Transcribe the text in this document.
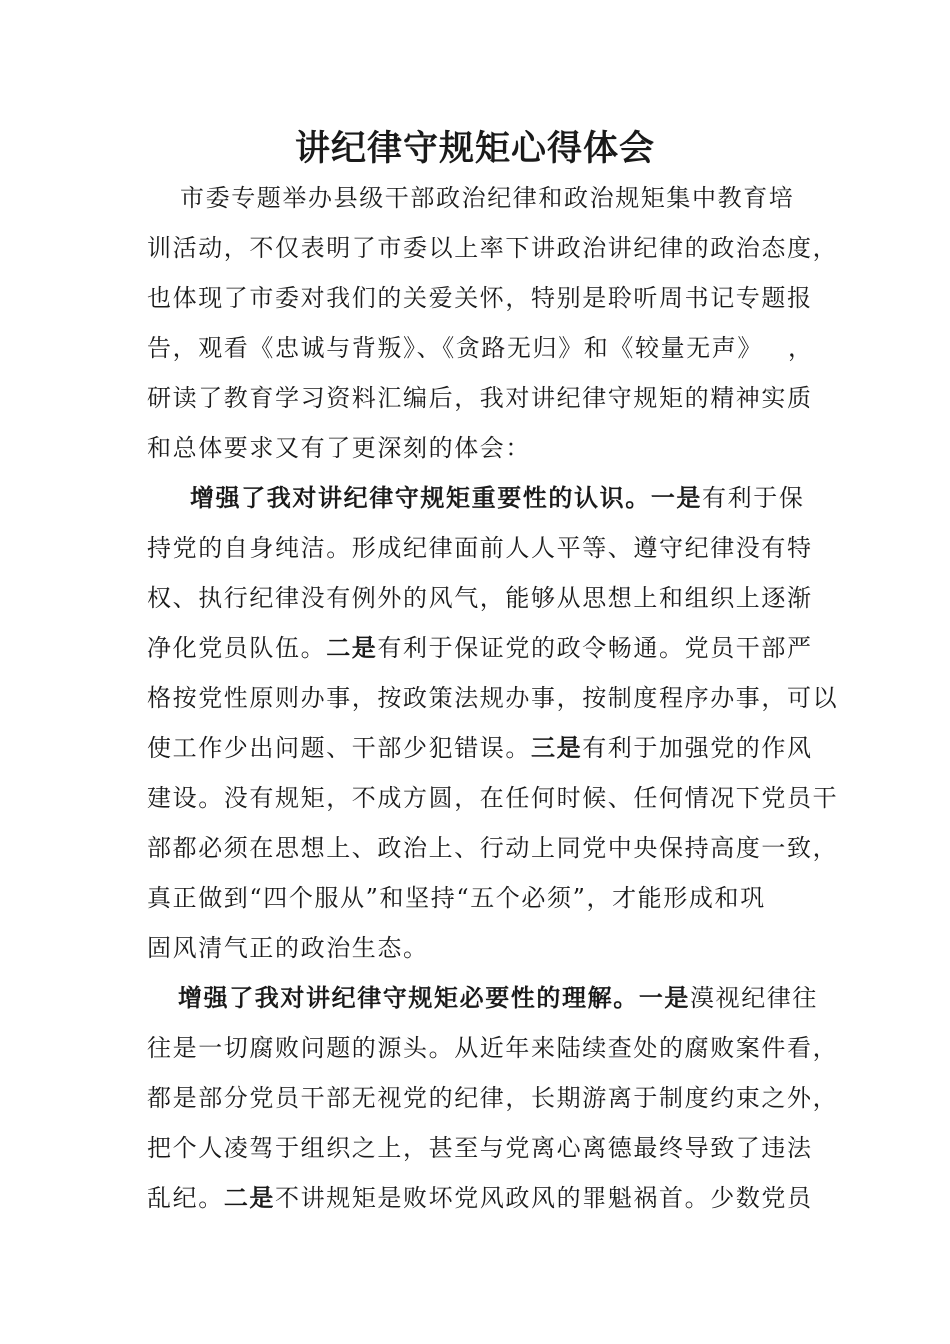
讲纪律守规矩心得体会
市委专题举办县级干部政治纪律和政治规矩集中教育培
训活动，不仅表明了市委以上率下讲政治讲纪律的政治态度，
也体现了市委对我们的关爱关怀，特别是聆听周书记专题报
告，观看《忠诚与背叛》、《贪路无归》和《较量无声》 ，
研读了教育学习资料汇编后，我对讲纪律守规矩的精神实质
和总体要求又有了更深刻的体会：
增强了我对讲纪律守规矩重要性的认识。一是有利于保
持党的自身纯洁。形成纪律面前人人平等、遵守纪律没有特
权、执行纪律没有例外的风气，能够从思想上和组织上逐渐
净化党员队伍。二是有利于保证党的政令畅通。党员干部严
格按党性原则办事，按政策法规办事，按制度程序办事，可以
使工作少出问题、干部少犯错误。三是有利于加强党的作风
建设。没有规矩，不成方圆，在任何时候、任何情况下党员干
部都必须在思想上、政治上、行动上同党中央保持高度一致，
真正做到“四个服从”和坚持“五个必须”，才能形成和巩
固风清气正的政治生态。
增强了我对讲纪律守规矩必要性的理解。一是漠视纪律往
往是一切腐败问题的源头。从近年来陆续查处的腐败案件看，
都是部分党员干部无视党的纪律，长期游离于制度约束之外，
把个人凌驾于组织之上，甚至与党离心离德最终导致了违法
乱纪。二是不讲规矩是败坏党风政风的罪魁祸首。少数党员
